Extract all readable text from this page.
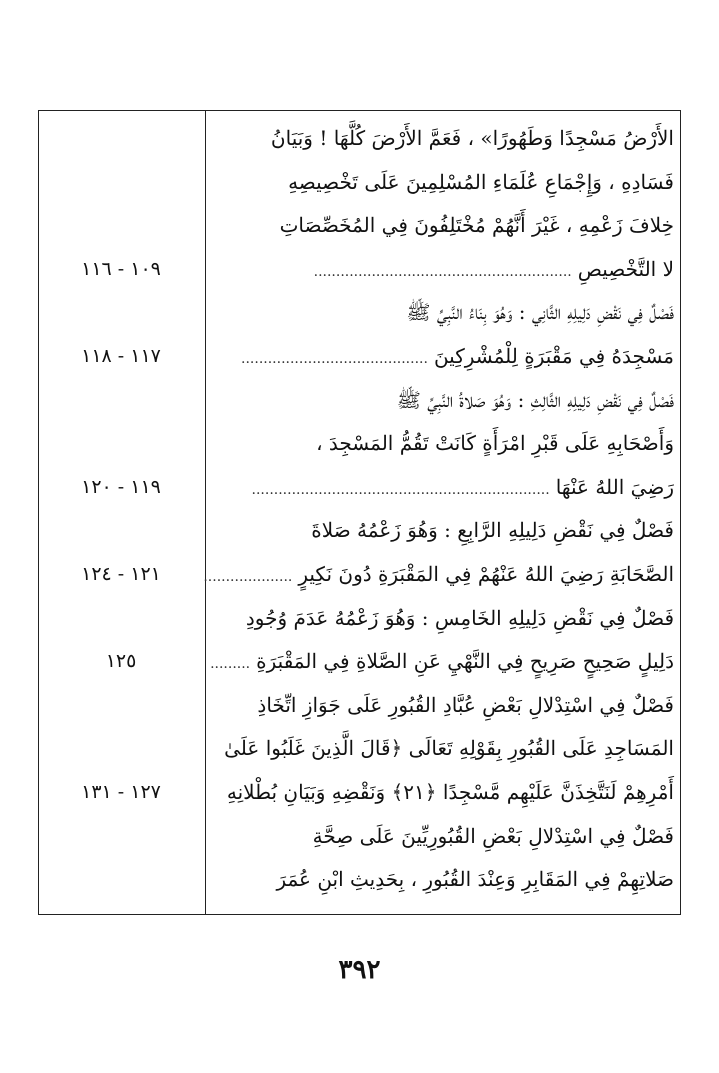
الأَرْضُ مَسْجِدًا وَطَهُورًا» ، فَعَمَّ الأَرْضَ كُلَّهَا ! وَبَيَانُ
فَسَادِهِ ، وَإِجْمَاعِ عُلَمَاءِ المُسْلِمِينَ عَلَى تَخْصِيصِهِ
خِلافَ زَعْمِهِ ، غَيْرَ أَنَّهُمْ مُخْتَلِفُونَ فِي المُخَصِّصَاتِ
لا التَّخْصِيصِ..........................................................
١٠٩ - ١١٦
فَصْلٌ فِي نَقْضِ دَلِيلِهِ الثَّانِي : وَهُوَ بِنَاءُ النَّبِيِّ ﷺ
مَسْجِدَهُ فِي مَقْبَرَةٍ لِلْمُشْرِكِينَ..........................................
١١٧ - ١١٨
فَصْلٌ فِي نَقْضِ دَلِيلِهِ الثَّالِثِ : وَهُوَ صَلاةُ النَّبِيِّ ﷺ
وَأَصْحَابِهِ عَلَى قَبْرِ امْرَأَةٍ كَانَتْ تَقُمُّ المَسْجِدَ ،
رَضِيَ اللهُ عَنْهَا...................................................................
١١٩ - ١٢٠
فَصْلٌ فِي نَقْضِ دَلِيلِهِ الرَّابِعِ : وَهُوَ زَعْمُهُ صَلاةَ
الصَّحَابَةِ رَضِيَ اللهُ عَنْهُمْ فِي المَقْبَرَةِ دُونَ نَكِيرٍ....................
١٢١ - ١٢٤
فَصْلٌ فِي نَقْضِ دَلِيلِهِ الخَامِسِ : وَهُوَ زَعْمُهُ عَدَمَ وُجُودِ
دَلِيلٍ صَحِيحٍ صَرِيحٍ فِي النَّهْيِ عَنِ الصَّلاةِ فِي المَقْبَرَةِ.........
١٢٥
فَصْلٌ فِي اسْتِدْلالِ بَعْضِ عُبَّادِ القُبُورِ عَلَى جَوَازِ اتِّخَاذِ
المَسَاجِدِ عَلَى القُبُورِ بِقَوْلِهِ تَعَالَى ﴿قَالَ الَّذِينَ غَلَبُوا عَلَىٰ
أَمْرِهِمْ لَنَتَّخِذَنَّ عَلَيْهِم مَّسْجِدًا ﴿٢١﴾ وَنَقْضِهِ وَبَيَانِ بُطْلانِهِ
١٢٧ - ١٣١
فَصْلٌ فِي اسْتِدْلالِ بَعْضِ القُبُورِيِّينَ عَلَى صِحَّةِ
صَلاتِهِمْ فِي المَقَابِرِ وَعِنْدَ القُبُورِ ، بِحَدِيثِ ابْنِ عُمَرَ
٣٩٢
